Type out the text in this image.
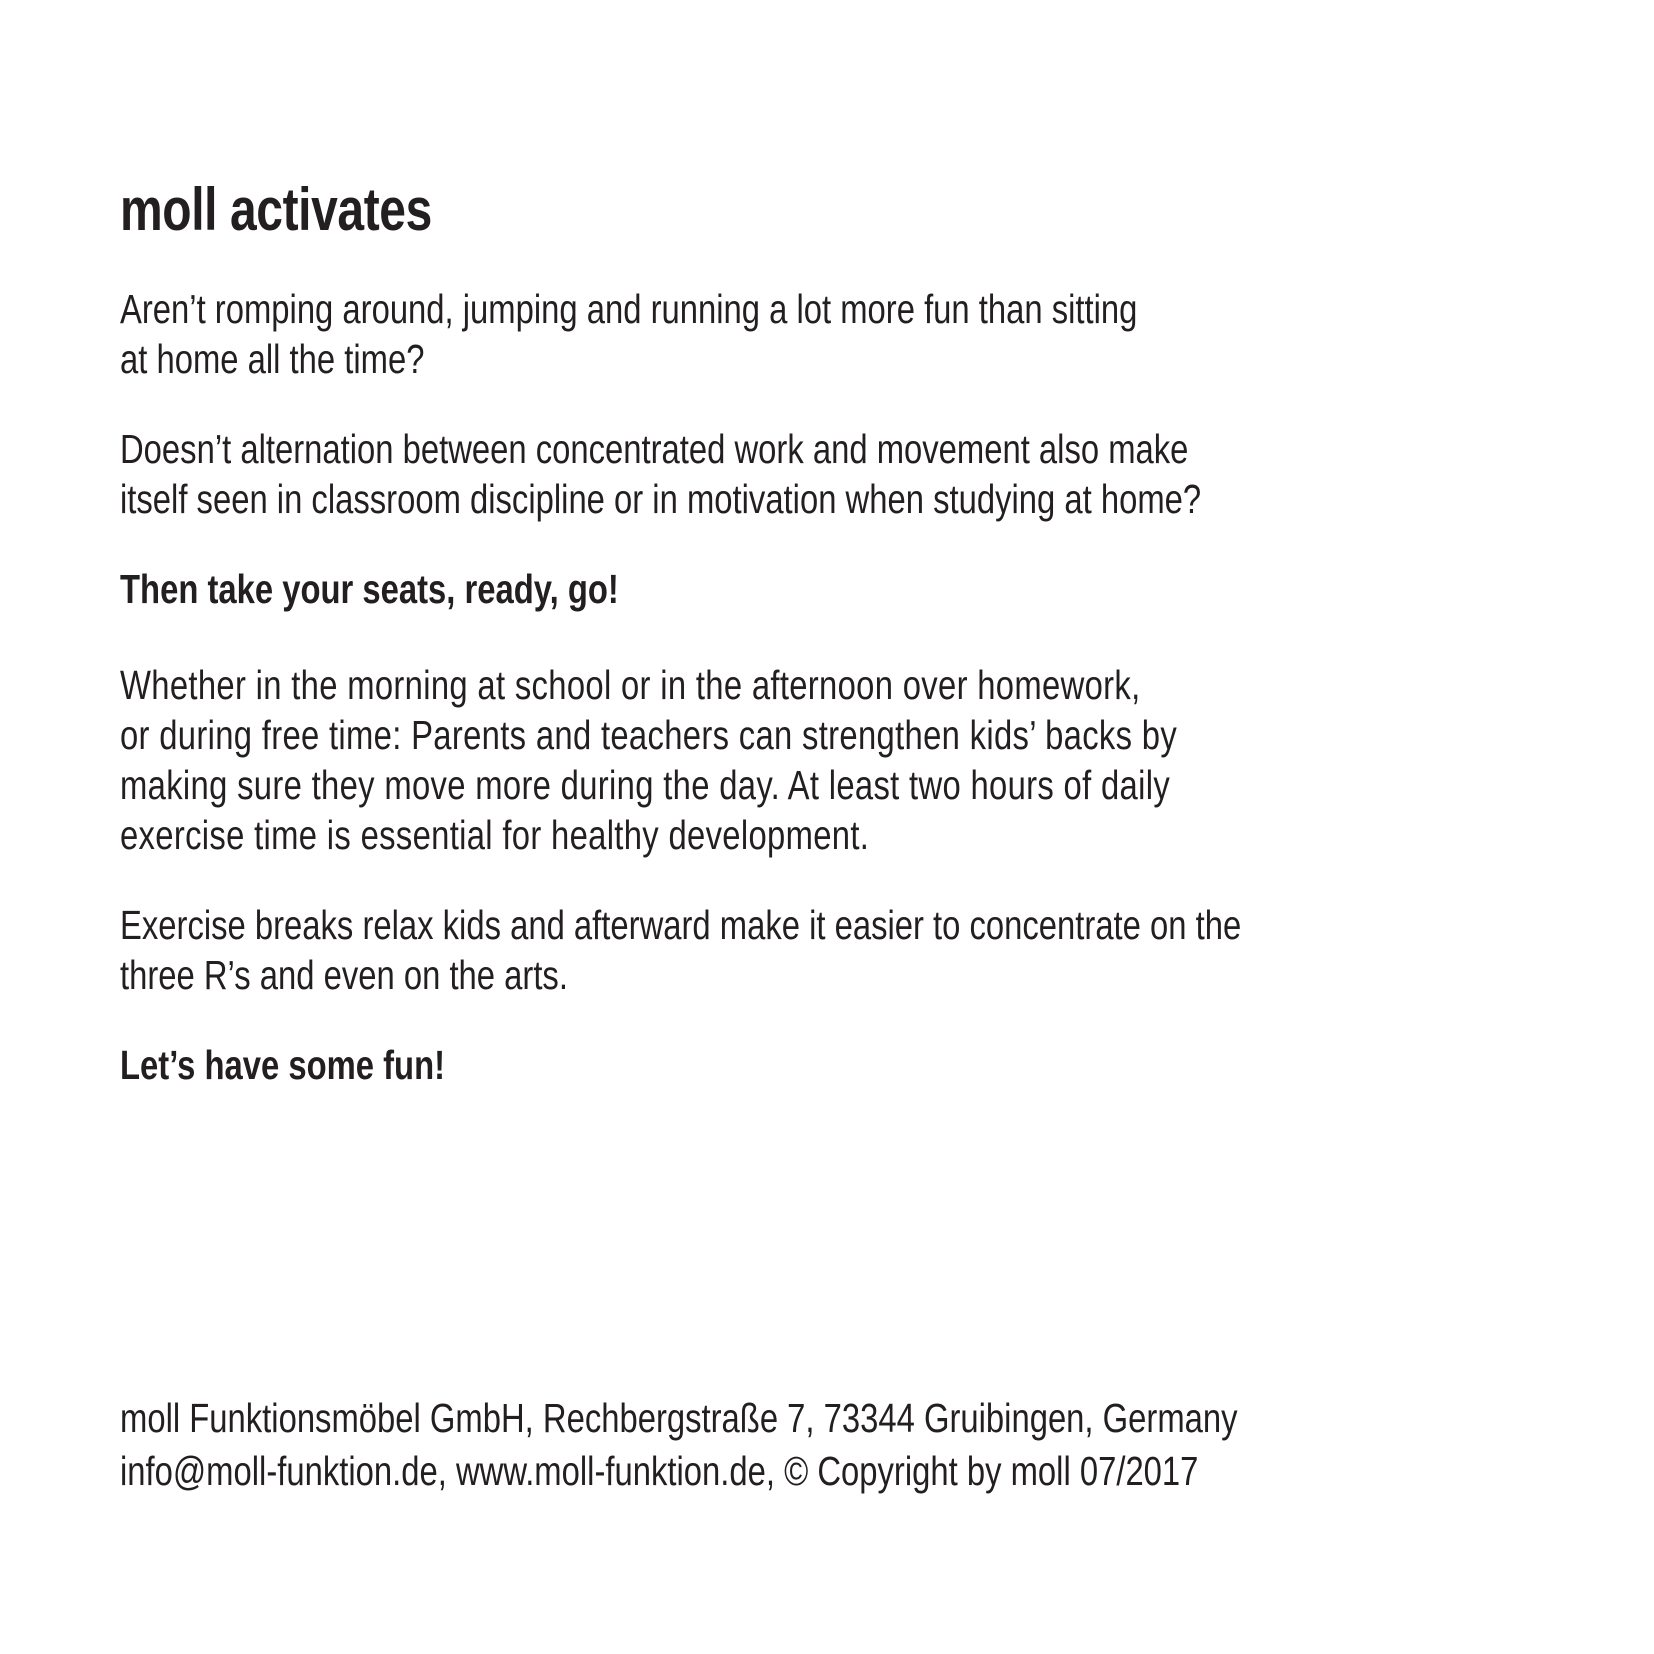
moll activates

Aren’t romping around, jumping and running a lot more fun than sitting
at home all the time?

Doesn’t alternation between concentrated work and movement also make
itself seen in classroom discipline or in motivation when studying at home?

Then take your seats, ready, go!

Whether in the morning at school or in the afternoon over homework,
or during free time: Parents and teachers can strengthen kids’ backs by
making sure they move more during the day. At least two hours of daily
exercise time is essential for healthy development.

Exercise breaks relax kids and afterward make it easier to concentrate on the
three R’s and even on the arts.

Let’s have some fun!

moll Funktionsmöbel GmbH, Rechbergstraße 7, 73344 Gruibingen, Germany
info@moll-funktion.de, www.moll-funktion.de, © Copyright by moll 07/2017
